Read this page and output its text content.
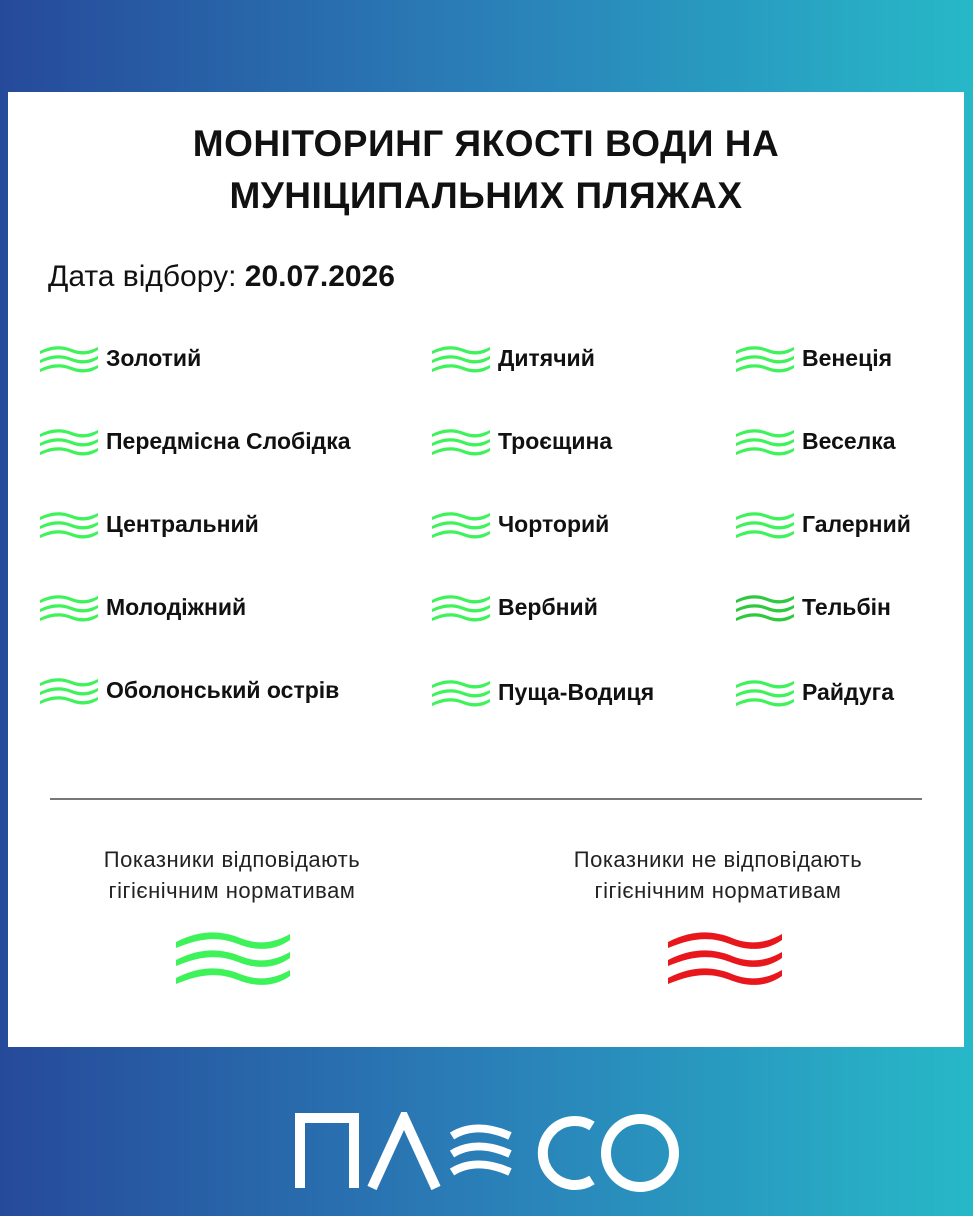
МОНІТОРИНГ ЯКОСТІ ВОДИ НА
МУНІЦИПАЛЬНИХ ПЛЯЖАХ
Дата відбору: 20.07.2026
Золотий
Передмісна Слобідка
Центральний
Молодіжний
Оболонський острів
Дитячий
Троєщина
Чорторий
Вербний
Пуща-Водиця
Венеція
Веселка
Галерний
Тельбін
Райдуга
Показники відповідають
гігієнічним нормативам
Показники не відповідають
гігієнічним нормативам
